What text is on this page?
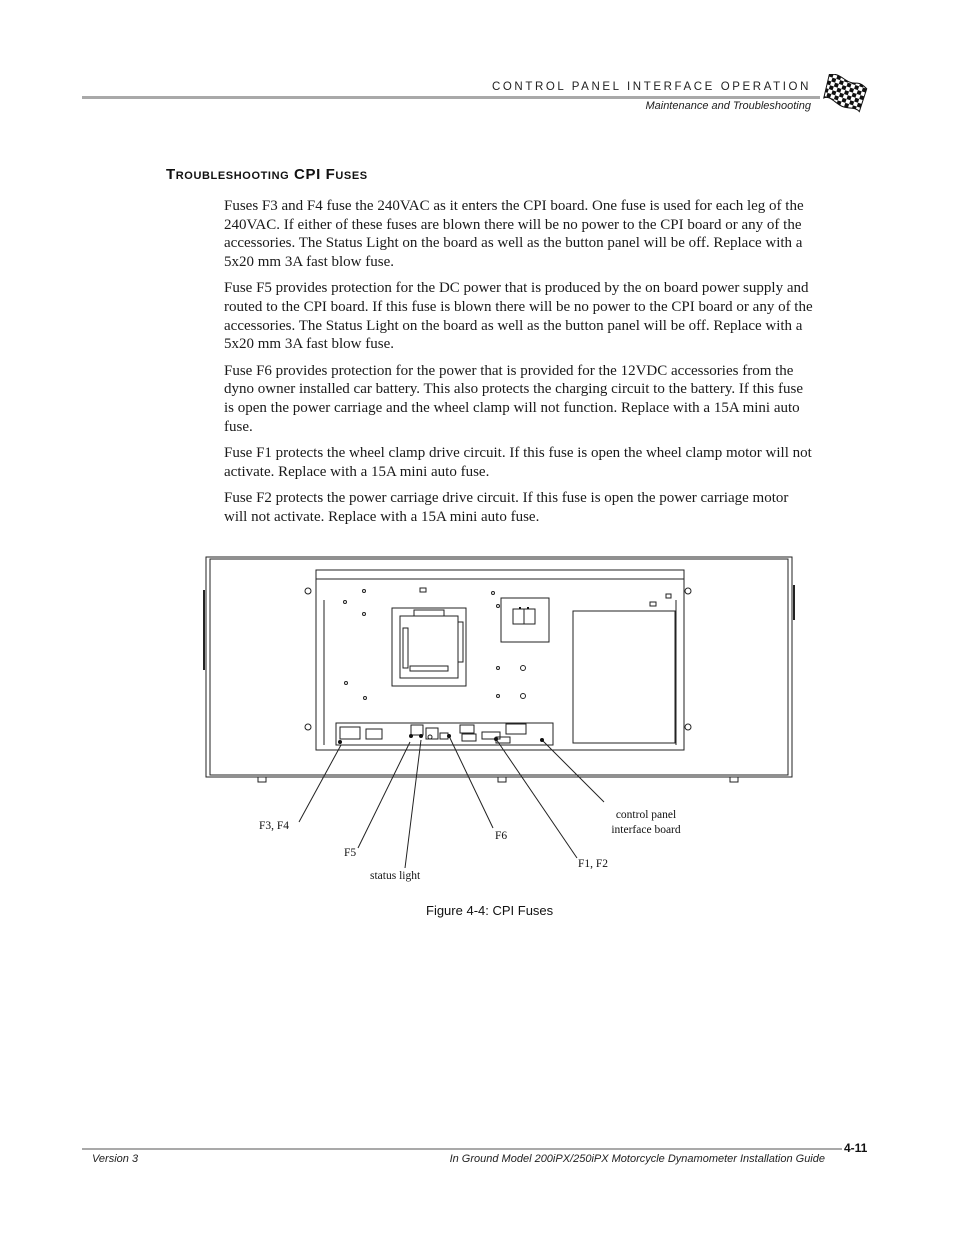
CONTROL PANEL INTERFACE OPERATION
Maintenance and Troubleshooting
Troubleshooting CPI Fuses

Fuses F3 and F4 fuse the 240VAC as it enters the CPI board. One fuse is used for each leg of the 240VAC. If either of these fuses are blown there will be no power to the CPI board or any of the accessories. The Status Light on the board as well as the button panel will be off. Replace with a 5x20 mm 3A fast blow fuse.

Fuse F5 provides protection for the DC power that is produced by the on board power supply and routed to the CPI board. If this fuse is blown there will be no power to the CPI board or any of the accessories. The Status Light on the board as well as the button panel will be off. Replace with a 5x20 mm 3A fast blow fuse.

Fuse F6 provides protection for the power that is provided for the 12VDC accessories from the dyno owner installed car battery. This also protects the charging circuit to the battery. If this fuse is open the power carriage and the wheel clamp will not function. Replace with a 15A mini auto fuse.

Fuse F1 protects the wheel clamp drive circuit. If this fuse is open the wheel clamp motor will not activate. Replace with a 15A mini auto fuse.

Fuse F2 protects the power carriage drive circuit. If this fuse is open the power carriage motor will not activate. Replace with a 15A mini auto fuse.

F3, F4
F5
status light
F6
F1, F2
control panel interface board
Figure 4-4: CPI Fuses
4-11
Version 3	In Ground Model 200iPX/250iPX Motorcycle Dynamometer Installation Guide
